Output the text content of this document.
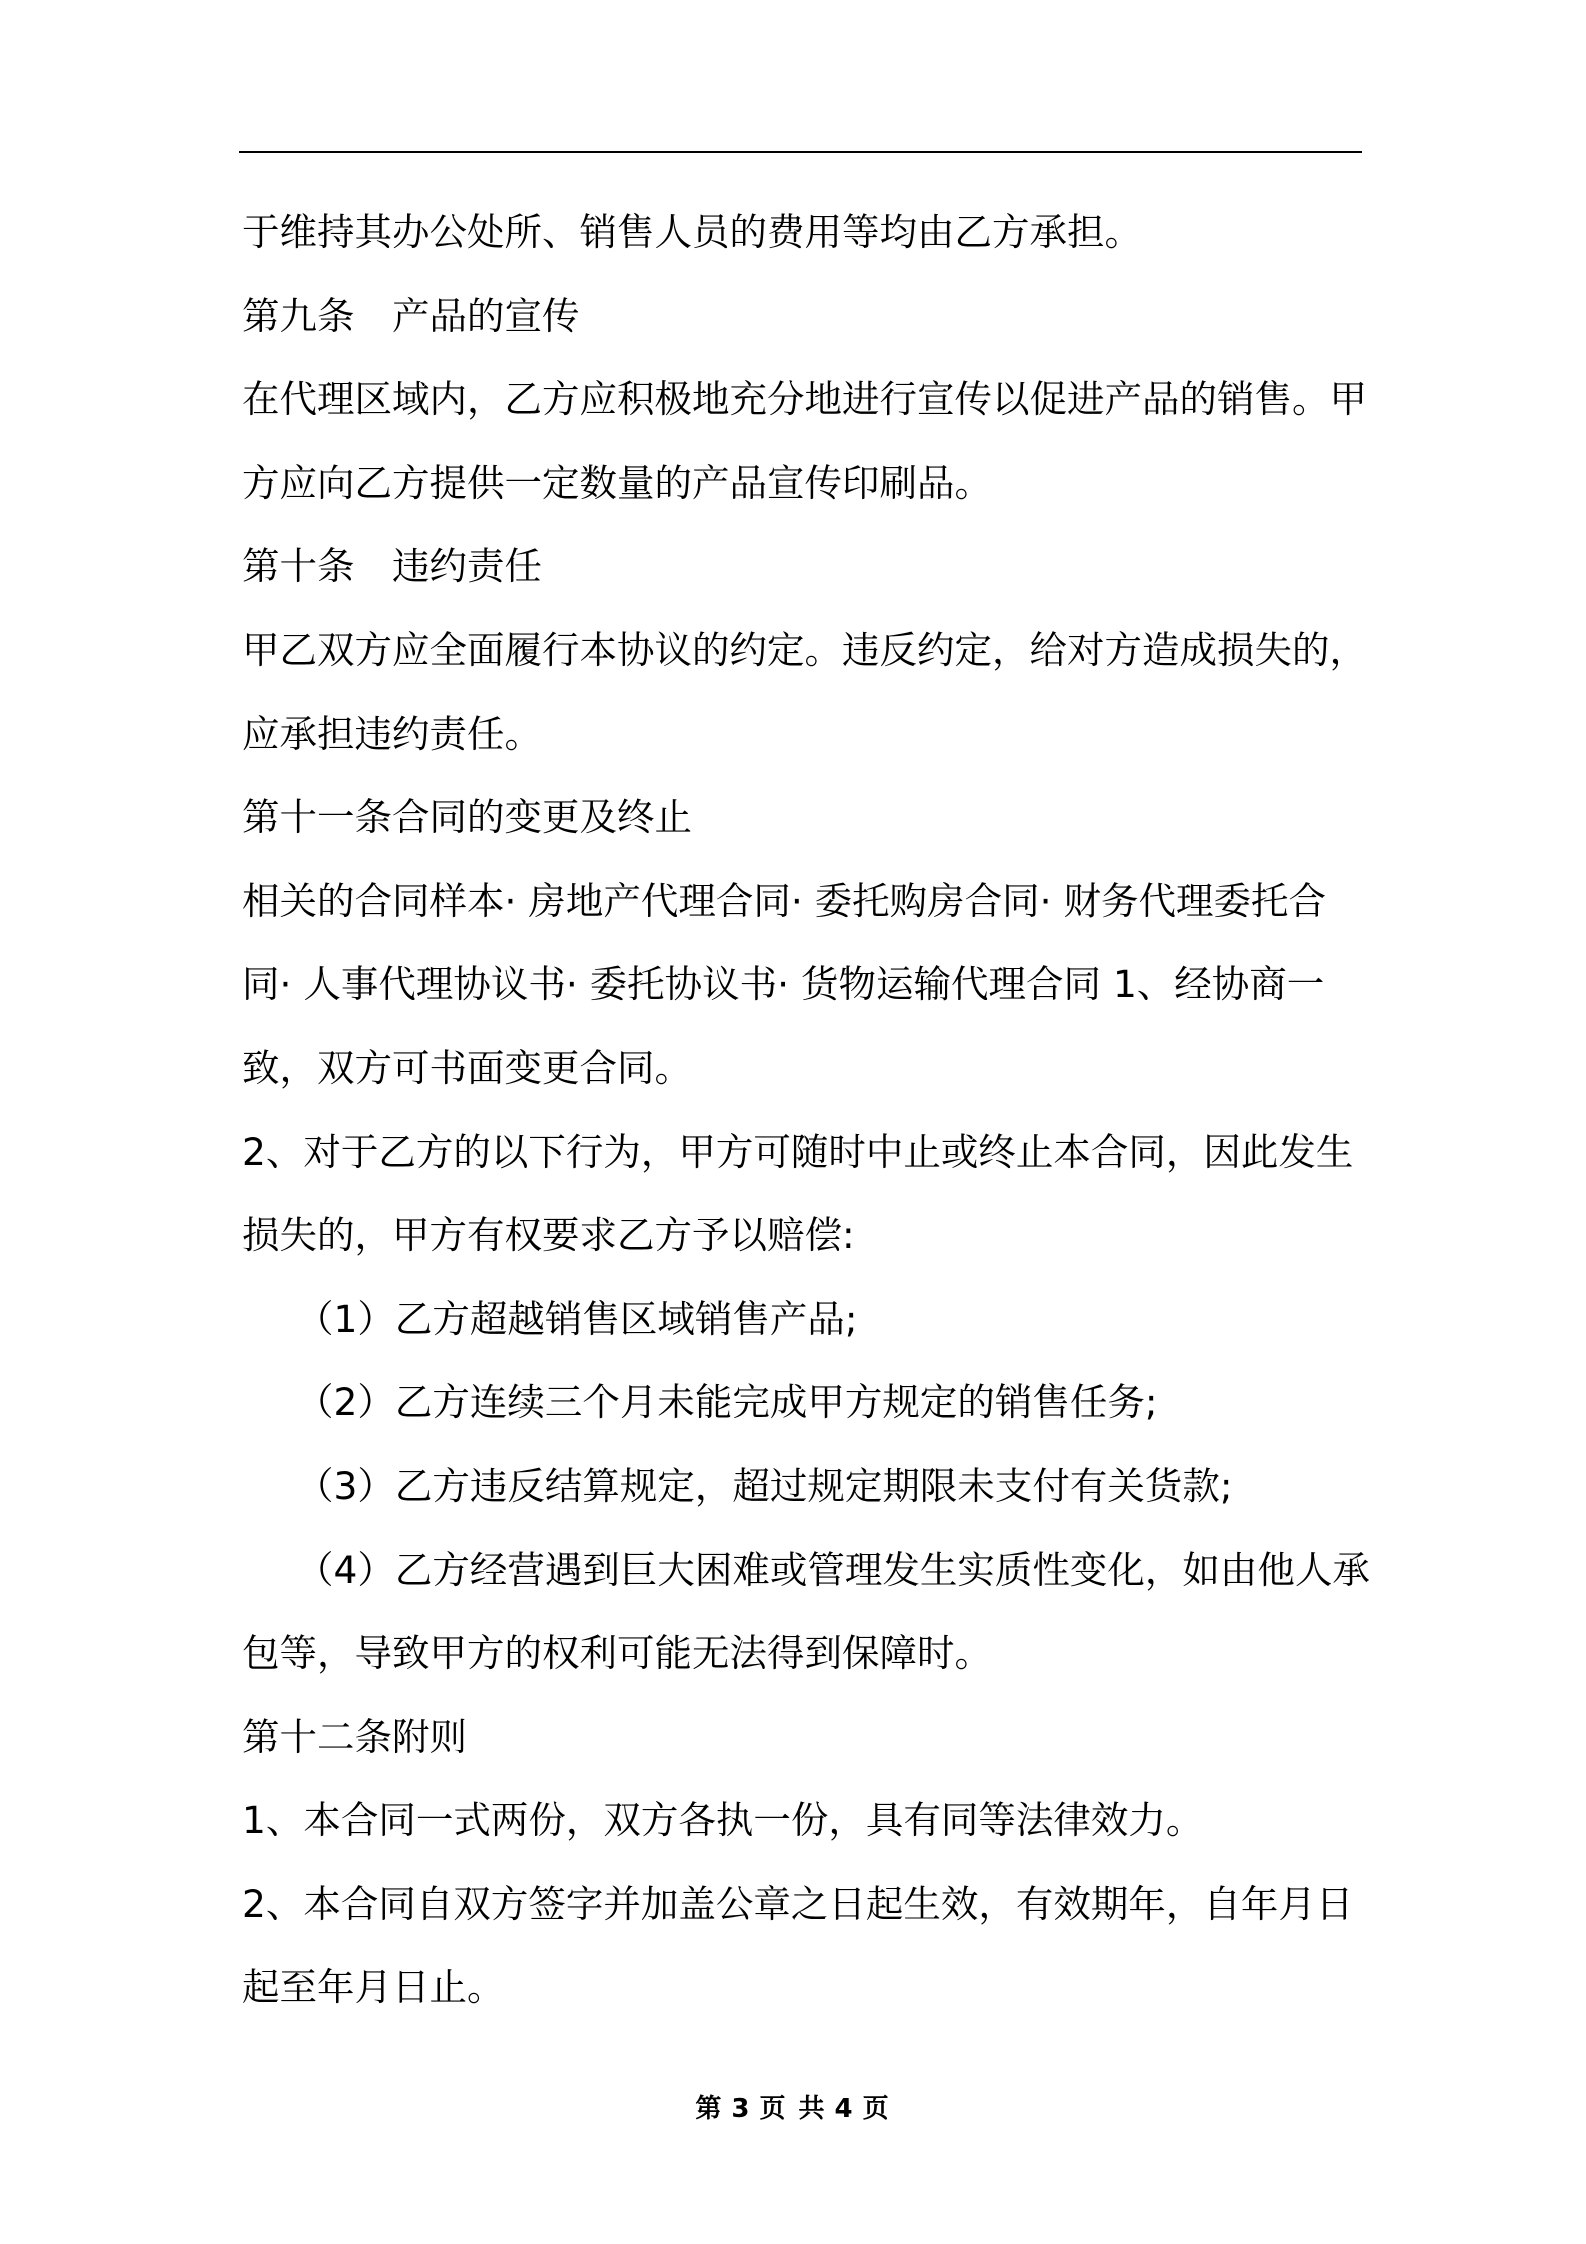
于维持其办公处所、销售人员的费用等均由乙方承担。
第九条　产品的宣传
在代理区域内，乙方应积极地充分地进行宣传以促进产品的销售。甲
方应向乙方提供一定数量的产品宣传印刷品。
第十条　违约责任
甲乙双方应全面履行本协议的约定。违反约定，给对方造成损失的，
应承担违约责任。
第十一条合同的变更及终止
相关的合同样本· 房地产代理合同· 委托购房合同· 财务代理委托合
同· 人事代理协议书· 委托协议书· 货物运输代理合同 1、经协商一
致，双方可书面变更合同。
2、对于乙方的以下行为，甲方可随时中止或终止本合同，因此发生
损失的，甲方有权要求乙方予以赔偿:
（1）乙方超越销售区域销售产品;
（2）乙方连续三个月未能完成甲方规定的销售任务;
（3）乙方违反结算规定，超过规定期限未支付有关货款;
（4）乙方经营遇到巨大困难或管理发生实质性变化，如由他人承
包等，导致甲方的权利可能无法得到保障时。
第十二条附则
1、本合同一式两份，双方各执一份，具有同等法律效力。
2、本合同自双方签字并加盖公章之日起生效，有效期年，自年月日
起至年月日止。
第 3 页 共 4 页
